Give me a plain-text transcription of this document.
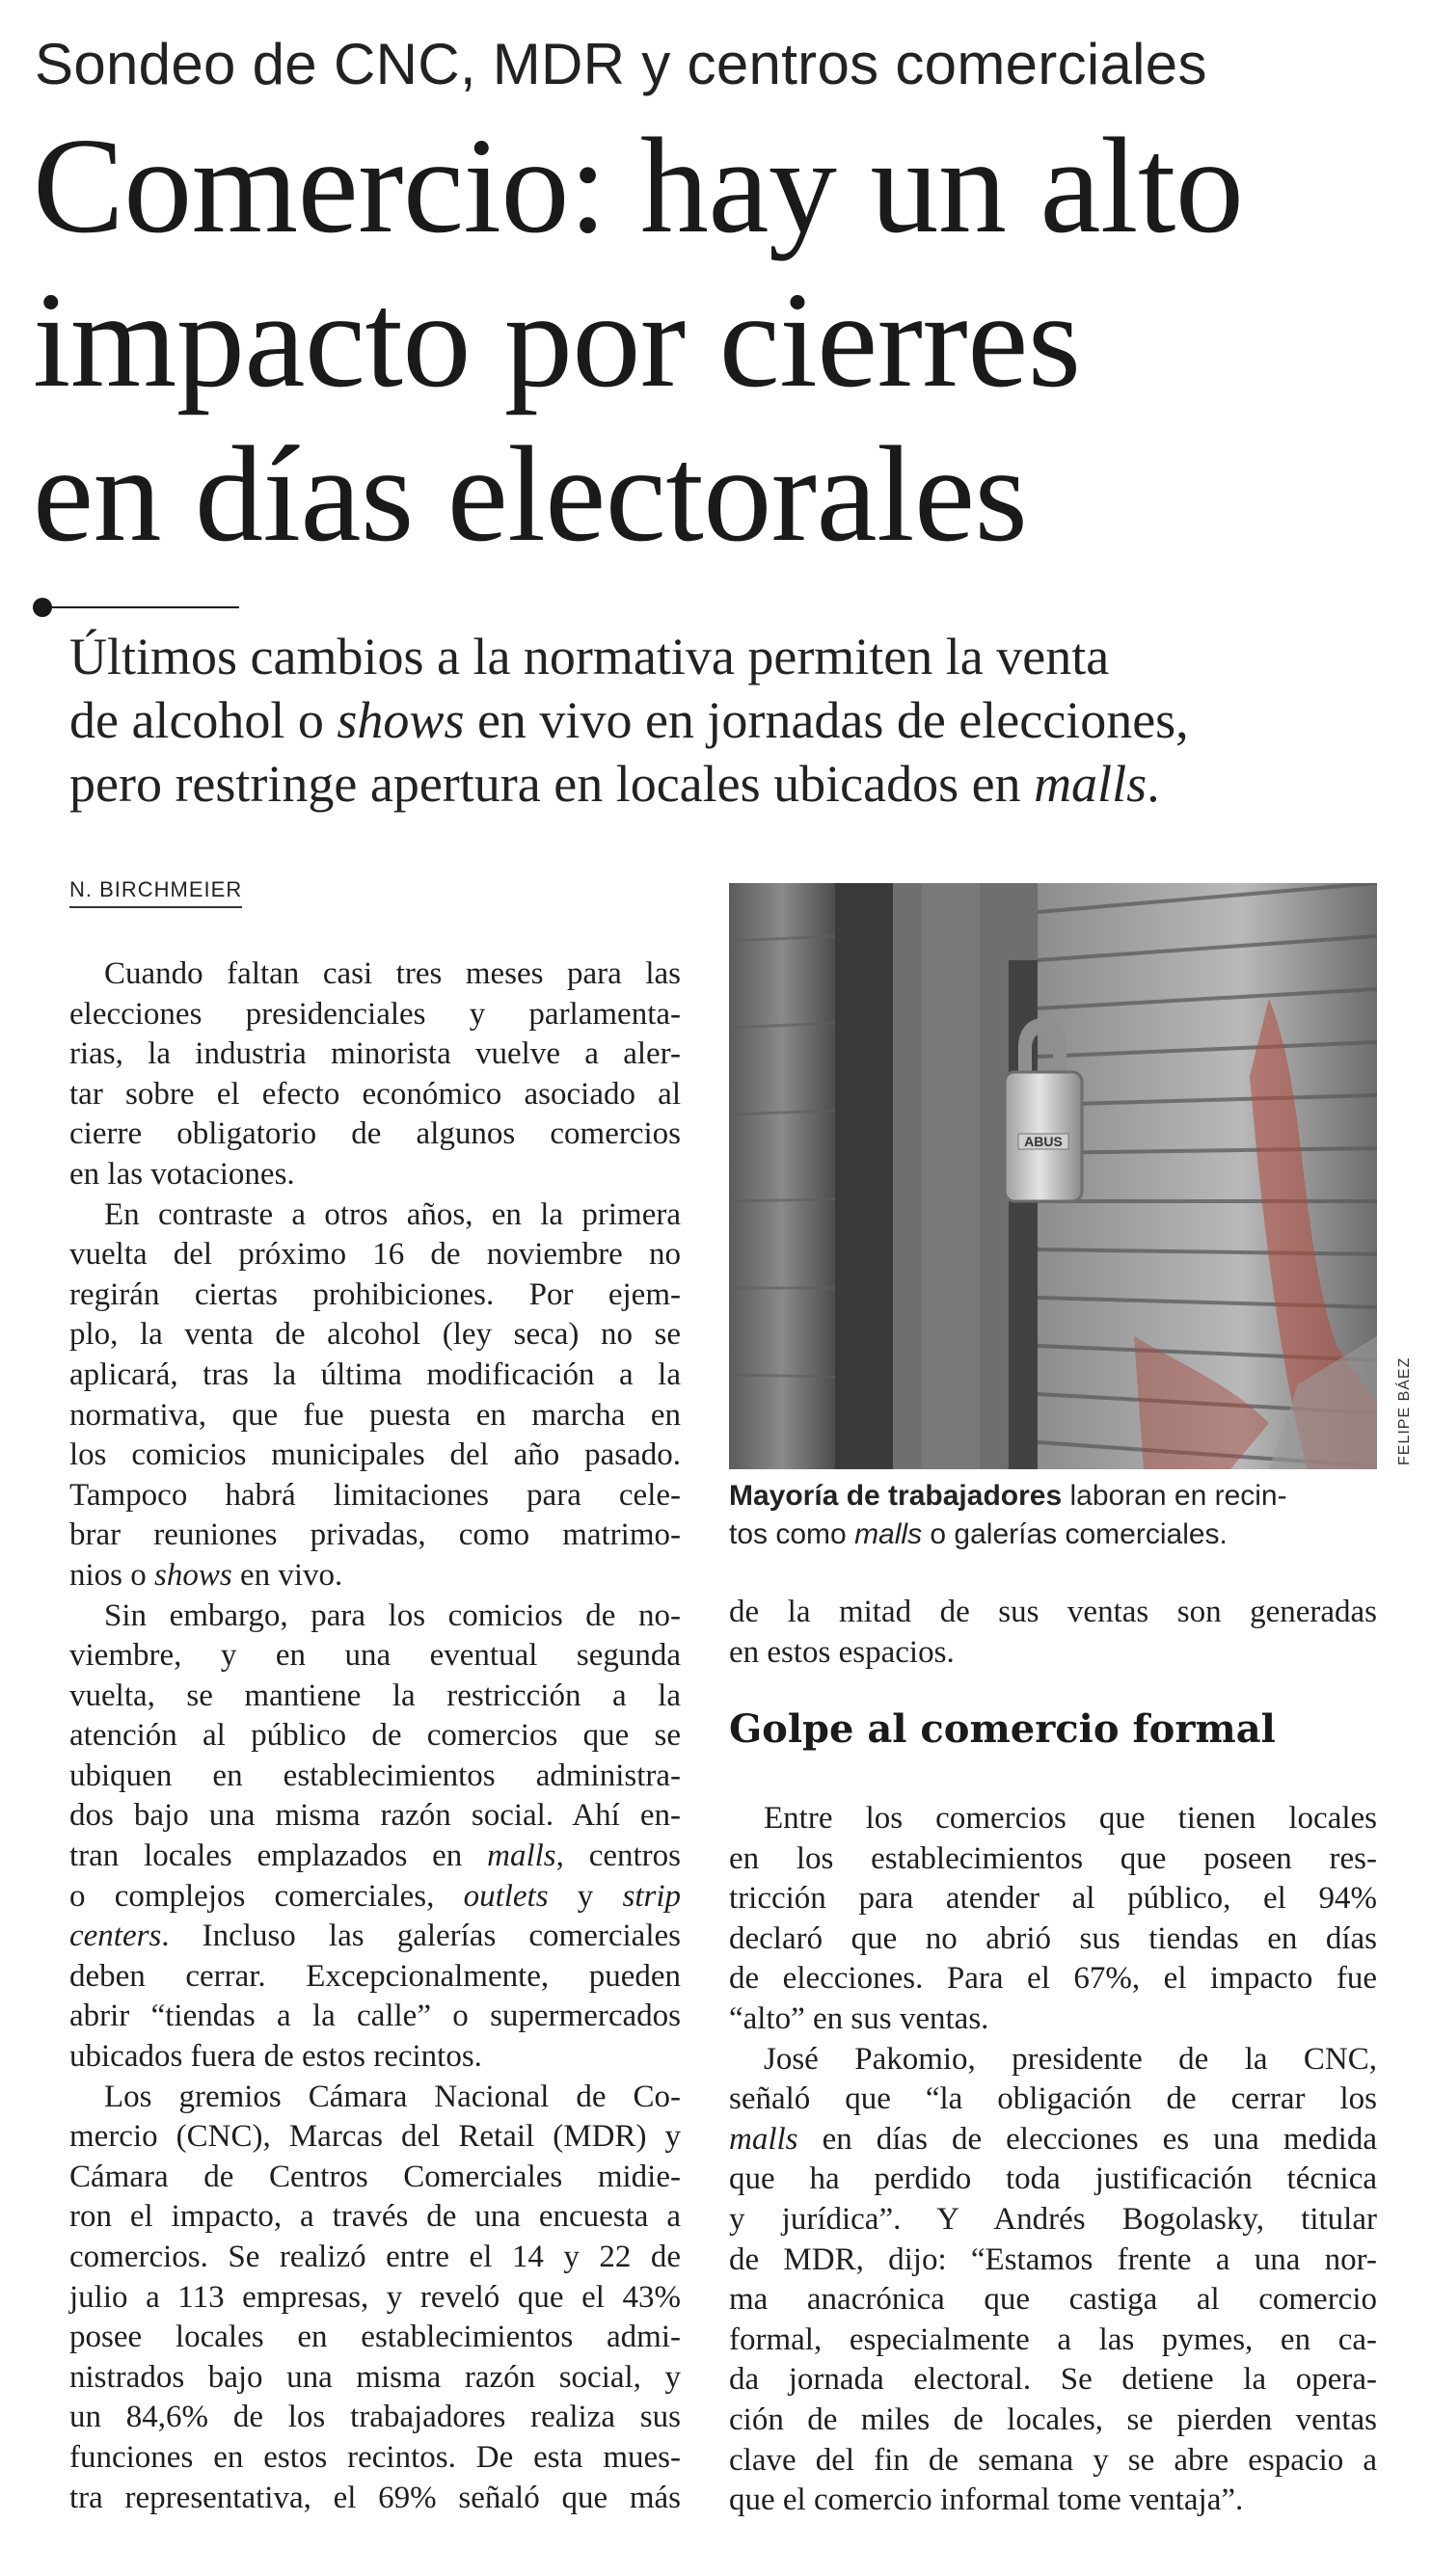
Sondeo de CNC, MDR y centros comerciales
Comercio: hay un alto
impacto por cierres
en días electorales
Últimos cambios a la normativa permiten la venta
de alcohol o shows en vivo en jornadas de elecciones,
pero restringe apertura en locales ubicados en malls.
N. BIRCHMEIER
ABUS
FELIPE BÁEZ
Mayoría de trabajadores laboran en recin-
tos como malls o galerías comerciales.
Cuando faltan casi tres meses para las
elecciones presidenciales y parlamenta-
rias, la industria minorista vuelve a aler-
tar sobre el efecto económico asociado al
cierre obligatorio de algunos comercios
en las votaciones.
En contraste a otros años, en la primera
vuelta del próximo 16 de noviembre no
regirán ciertas prohibiciones. Por ejem-
plo, la venta de alcohol (ley seca) no se
aplicará, tras la última modificación a la
normativa, que fue puesta en marcha en
los comicios municipales del año pasado.
Tampoco habrá limitaciones para cele-
brar reuniones privadas, como matrimo-
nios o shows en vivo.
Sin embargo, para los comicios de no-
viembre, y en una eventual segunda
vuelta, se mantiene la restricción a la
atención al público de comercios que se
ubiquen en establecimientos administra-
dos bajo una misma razón social. Ahí en-
tran locales emplazados en malls, centros
o complejos comerciales, outlets y strip
centers. Incluso las galerías comerciales
deben cerrar. Excepcionalmente, pueden
abrir “tiendas a la calle” o supermercados
ubicados fuera de estos recintos.
Los gremios Cámara Nacional de Co-
mercio (CNC), Marcas del Retail (MDR) y
Cámara de Centros Comerciales midie-
ron el impacto, a través de una encuesta a
comercios. Se realizó entre el 14 y 22 de
julio a 113 empresas, y reveló que el 43%
posee locales en establecimientos admi-
nistrados bajo una misma razón social, y
un 84,6% de los trabajadores realiza sus
funciones en estos recintos. De esta mues-
tra representativa, el 69% señaló que más
de la mitad de sus ventas son generadas
en estos espacios.
Golpe al comercio formal
Entre los comercios que tienen locales
en los establecimientos que poseen res-
tricción para atender al público, el 94%
declaró que no abrió sus tiendas en días
de elecciones. Para el 67%, el impacto fue
“alto” en sus ventas.
José Pakomio, presidente de la CNC,
señaló que “la obligación de cerrar los
malls en días de elecciones es una medida
que ha perdido toda justificación técnica
y jurídica”. Y Andrés Bogolasky, titular
de MDR, dijo: “Estamos frente a una nor-
ma anacrónica que castiga al comercio
formal, especialmente a las pymes, en ca-
da jornada electoral. Se detiene la opera-
ción de miles de locales, se pierden ventas
clave del fin de semana y se abre espacio a
que el comercio informal tome ventaja”.
